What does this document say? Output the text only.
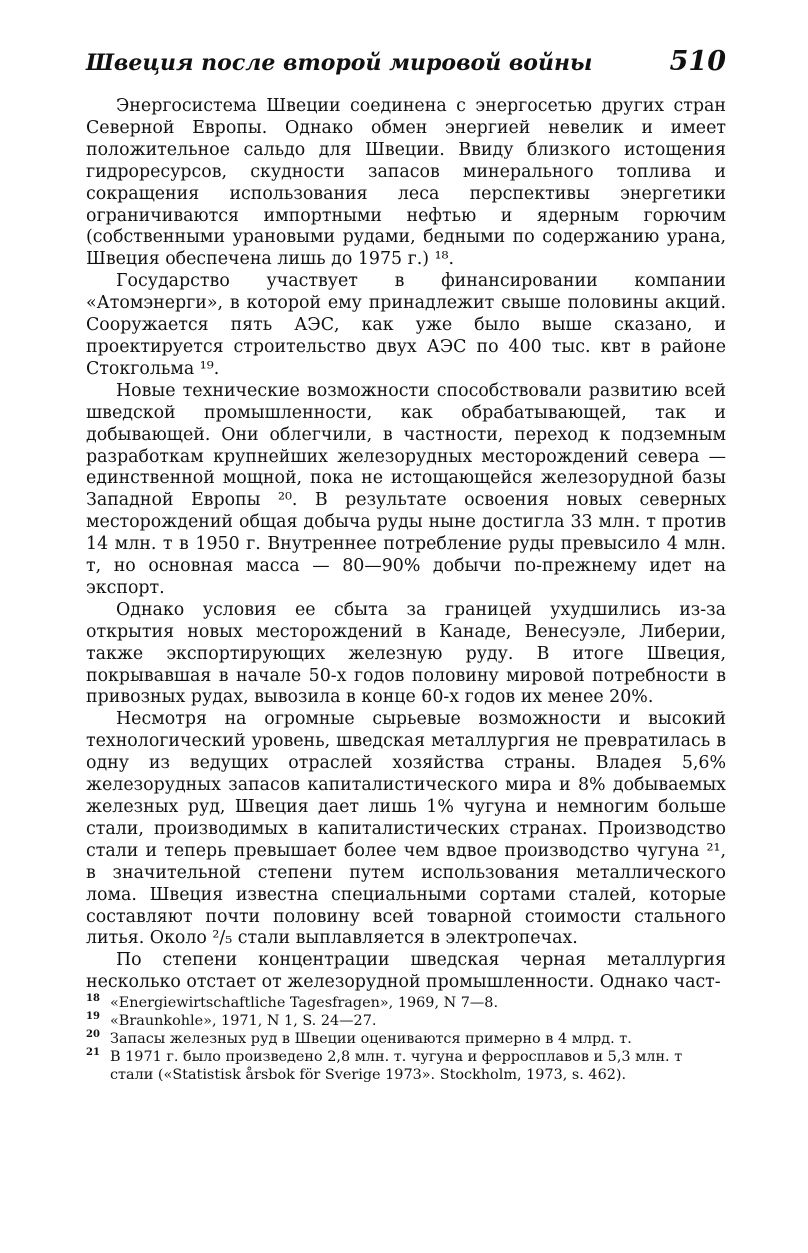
Швеция после второй мировой войны	510

Энергосистема Швеции соединена с энергосетью других стран Северной Европы. Однако обмен энергией невелик и имеет положительное сальдо для Швеции. Ввиду близкого истощения гидроресурсов, скудности запасов минерального топлива и сокращения использования леса перспективы энергетики ограничиваются импортными нефтью и ядерным горючим (собственными урановыми рудами, бедными по содержанию урана, Швеция обеспечена лишь до 1975 г.) ¹⁸.

Государство участвует в финансировании компании «Атомэнерги», в которой ему принадлежит свыше половины акций. Сооружается пять АЭС, как уже было выше сказано, и проектируется строительство двух АЭС по 400 тыс. квт в районе Стокгольма ¹⁹.

Новые технические возможности способствовали развитию всей шведской промышленности, как обрабатывающей, так и добывающей. Они облегчили, в частности, переход к подземным разработкам крупнейших железорудных месторождений севера — единственной мощной, пока не истощающейся железорудной базы Западной Европы ²⁰. В результате освоения новых северных месторождений общая добыча руды ныне достигла 33 млн. т против 14 млн. т в 1950 г. Внутреннее потребление руды превысило 4 млн. т, но основная масса — 80—90% добычи по-прежнему идет на экспорт.

Однако условия ее сбыта за границей ухудшились из-за открытия новых месторождений в Канаде, Венесуэле, Либерии, также экспортирующих железную руду. В итоге Швеция, покрывавшая в начале 50-х годов половину мировой потребности в привозных рудах, вывозила в конце 60-х годов их менее 20%.

Несмотря на огромные сырьевые возможности и высокий технологический уровень, шведская металлургия не превратилась в одну из ведущих отраслей хозяйства страны. Владея 5,6% железорудных запасов капиталистического мира и 8% добываемых железных руд, Швеция дает лишь 1% чугуна и немногим больше стали, производимых в капиталистических странах. Производство стали и теперь превышает более чем вдвое производство чугуна ²¹, в значительной степени путем использования металлического лома. Швеция известна специальными сортами сталей, которые составляют почти половину всей товарной стоимости стального литья. Около ²/₅ стали выплавляется в электропечах.

По степени концентрации шведская черная металлургия несколько отстает от железорудной промышленности. Однако част-

18 «Energiewirtschaftliche Tagesfragen», 1969, N 7—8.
19 «Braunkohle», 1971, N 1, S. 24—27.
20 Запасы железных руд в Швеции оцениваются примерно в 4 млрд. т.
21 В 1971 г. было произведено 2,8 млн. т. чугуна и ферросплавов и 5,3 млн. т стали («Statistisk årsbok för Sverige 1973». Stockholm, 1973, s. 462).
